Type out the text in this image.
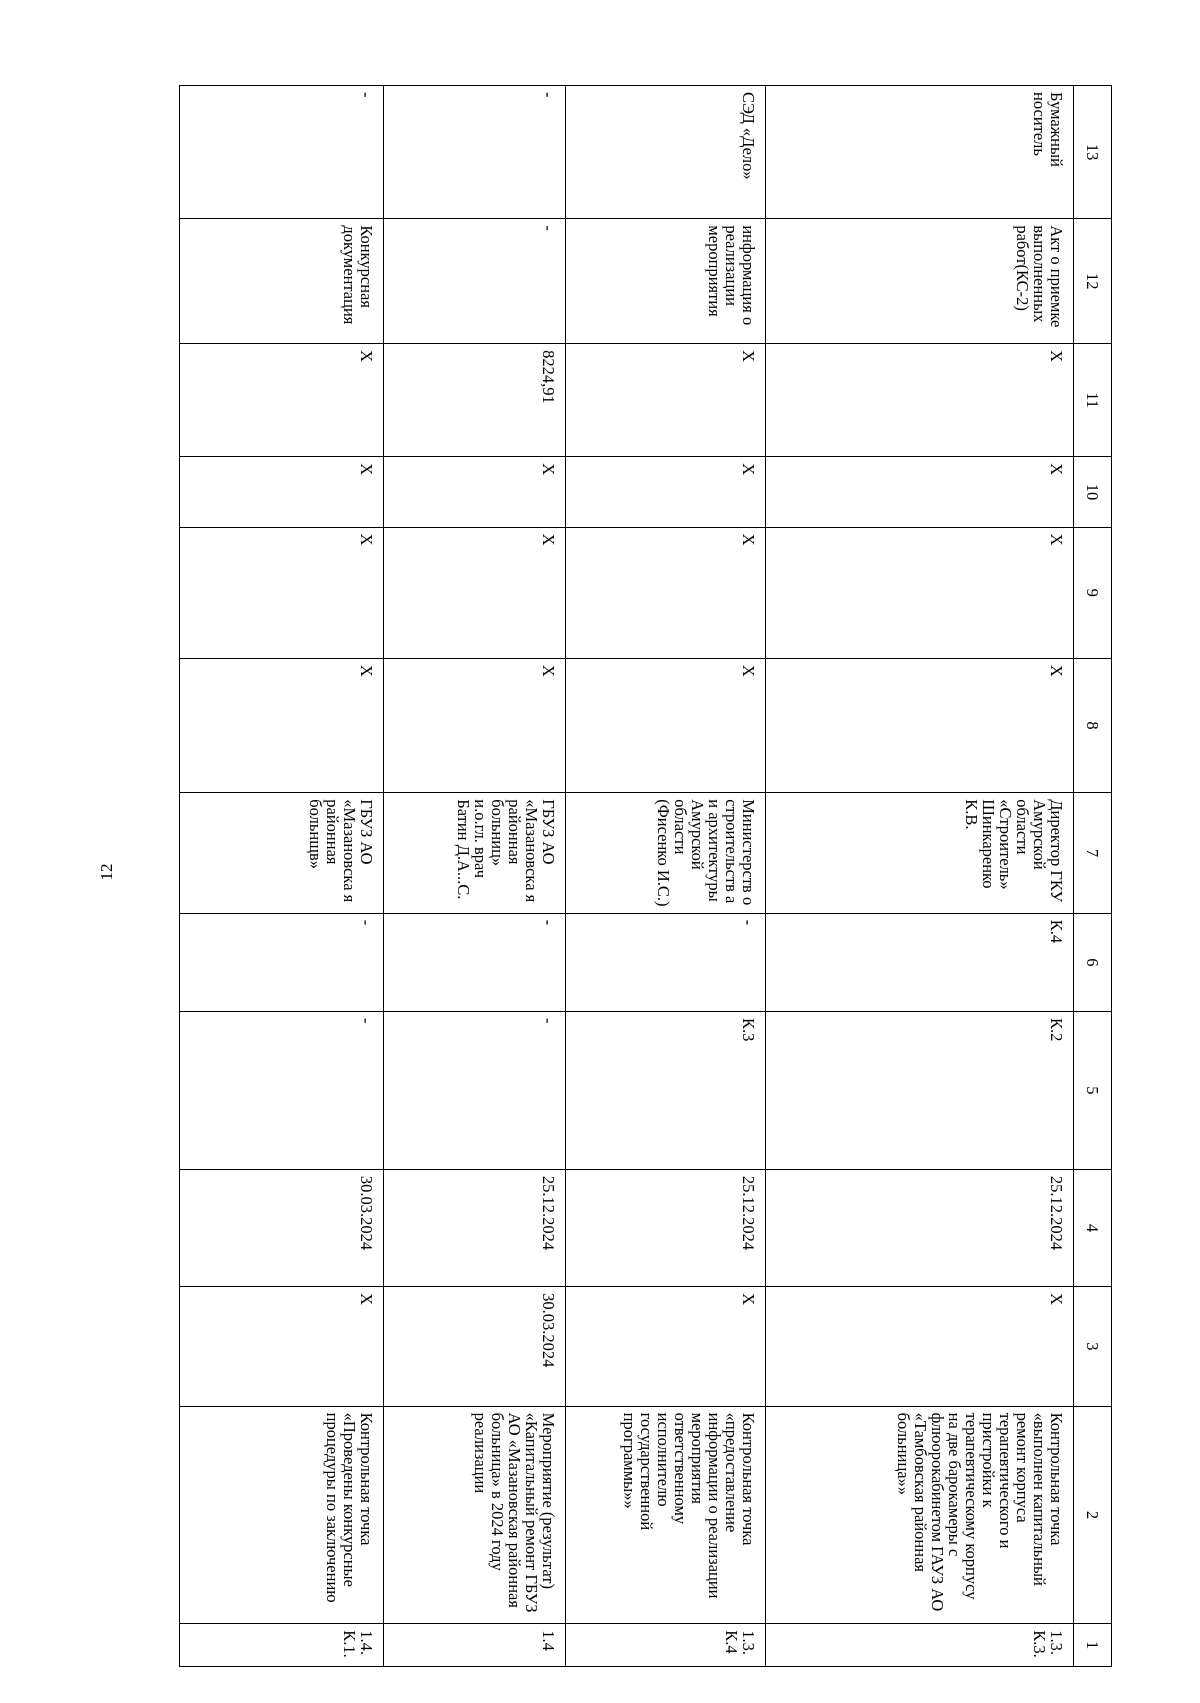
12
13	12	11	10	9	8	7	6	5	4	3	2	1
Бумажный носитель	Акт о приемке выполненных работ(КС-2)	X	X	X	X	Директор ГКУ Амурской области «Строитель» Шинкаренко К.В.	К.4	К.2	25.12.2024	X	Контрольная точка «выполнен капитальный ремонт корпуса терапевтического и пристройки к терапевтическому корпусу на две барокамеры с флюорокабинетом ГАУЗ АО «Тамбовская районная больница»»	1.3.К.3.
СЭД «Дело»	информация о реализации мероприятия	X	X	X	X	Министерств о строительств а и архитектуры Амурской области (Фисенко И.С.)	-	К.3	25.12.2024	X	Контрольная точка «предоставление информации о реализации мероприятия ответственному исполнителю государственной программы»»	1.3.К.4
-	-	8224,91	X	X	X	ГБУЗ АО «Мазановска я районная больниц» и.о.гл. врач Батин Д.А...С.	-	-	25.12.2024	30.03.2024	Мероприятие (результат) «Капитальный ремонт ГБУЗ АО «Мазановская районная больница» в 2024 году реализации	1.4
-	Конкурсная документация	X	X	X	X	ГБУЗ АО «Мазановска я районная больнщв»	-	-	30.03.2024	X	Контрольная точка «Проведены конкурсные процедуры по заключению	1.4.К.1.
